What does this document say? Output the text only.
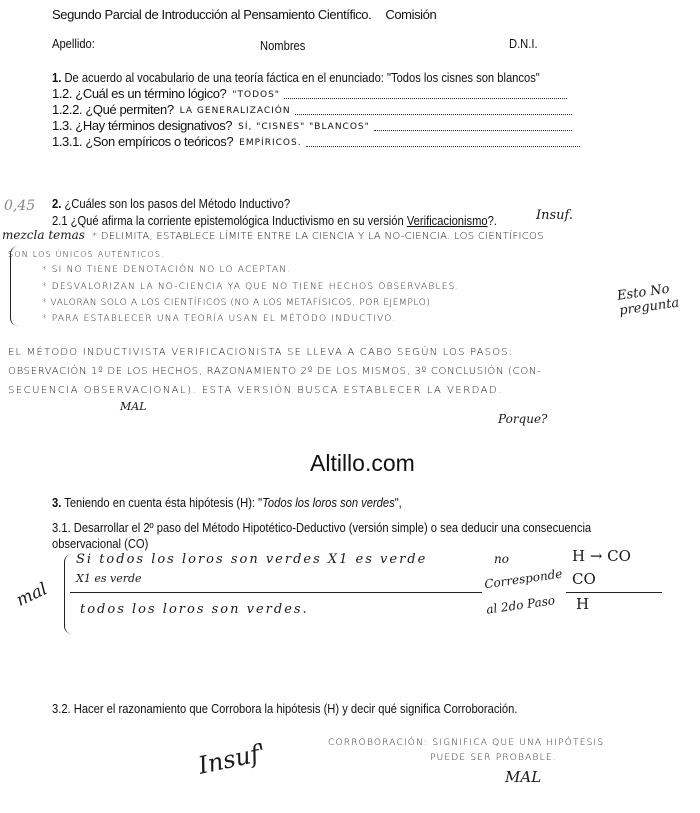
Segundo Parcial de Introducción al Pensamiento Científico. Comisión
Apellido:	Nombres	D.N.I.
1. De acuerdo al vocabulario de una teoría fáctica en el enunciado: "Todos los cisnes son blancos"
1.2. ¿Cuál es un término lógico? "TODOS"
1.2.2. ¿Qué permiten? LA GENERALIZACIÓN
1.3. ¿Hay términos designativos? SÍ, "CISNES" "BLANCOS"
1.3.1. ¿Son empíricos o teóricos? EMPÍRICOS.
0,45 2. ¿Cuáles son los pasos del Método Inductivo?
2.1 ¿Qué afirma la corriente epistemológica Inductivismo en su versión Verificacionismo?.	Insuf.
mezcla temas * DELIMITA, ESTABLECE LÍMITE ENTRE LA CIENCIA Y LA NO-CIENCIA. LOS CIENTÍFICOS
SON LOS ÚNICOS AUTÉNTICOS.
* SI NO TIENE DENOTACIÓN NO LO ACEPTAN.
* DESVALORIZAN LA NO-CIENCIA YA QUE NO TIENE HECHOS OBSERVABLES.
* VALORAN SOLO A LOS CIENTÍFICOS (NO A LOS METAFÍSICOS, POR EJEMPLO)
* PARA ESTABLECER UNA TEORÍA USAN EL MÉTODO INDUCTIVO.
Esto No pregunta
EL MÉTODO INDUCTIVISTA VERIFICACIONISTA SE LLEVA A CABO SEGÚN LOS PASOS:
OBSERVACIÓN 1º DE LOS HECHOS, RAZONAMIENTO 2º DE LOS MISMOS, 3º CONCLUSIÓN (CON-
SECUENCIA OBSERVACIONAL). ESTA VERSIÓN BUSCA ESTABLECER LA VERDAD.
MAL
Porque?
Altillo.com
3. Teniendo en cuenta ésta hipótesis (H): "Todos los loros son verdes",
3.1. Desarrollar el 2º paso del Método Hipotético-Deductivo (versión simple) o sea deducir una consecuencia
observacional (CO)
Si todos los loros son verdes X1 es verde
X1 es verde
todos los loros son verdes.
mal
no
Corresponde
al 2do Paso
H → CO
CO
H
3.2. Hacer el razonamiento que Corrobora la hipótesis (H) y decir qué significa Corroboración.
Insuf'	CORROBORACIÓN: SIGNIFICA QUE UNA HIPÓTESIS
PUEDE SER PROBABLE.
MAL
